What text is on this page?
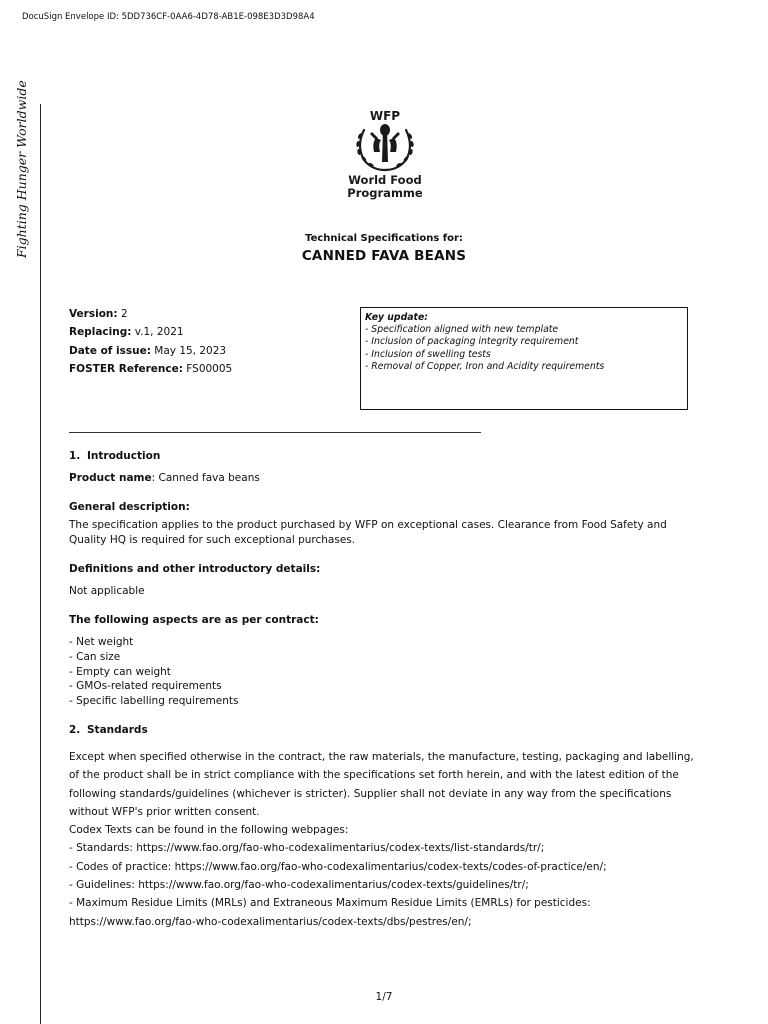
DocuSign Envelope ID: 5DD736CF-0AA6-4D78-AB1E-098E3D3D98A4
Fighting Hunger Worldwide	WFP
World Food
Programme
Technical Specifications for:
CANNED FAVA BEANS
Version: 2
Replacing: v.1, 2021
Date of issue: May 15, 2023
FOSTER Reference: FS00005
Key update:
- Specification aligned with new template
- Inclusion of packaging integrity requirement
- Inclusion of swelling tests
- Removal of Copper, Iron and Acidity requirements
1. Introduction
Product name: Canned fava beans
General description:
The specification applies to the product purchased by WFP on exceptional cases. Clearance from Food Safety and Quality HQ is required for such exceptional purchases.
Definitions and other introductory details:
Not applicable
The following aspects are as per contract:
- Net weight
- Can size
- Empty can weight
- GMOs-related requirements
- Specific labelling requirements
2. Standards
Except when specified otherwise in the contract, the raw materials, the manufacture, testing, packaging and labelling, of the product shall be in strict compliance with the specifications set forth herein, and with the latest edition of the following standards/guidelines (whichever is stricter). Supplier shall not deviate in any way from the specifications without WFP's prior written consent.
Codex Texts can be found in the following webpages:
- Standards: https://www.fao.org/fao-who-codexalimentarius/codex-texts/list-standards/tr/;
- Codes of practice: https://www.fao.org/fao-who-codexalimentarius/codex-texts/codes-of-practice/en/;
- Guidelines: https://www.fao.org/fao-who-codexalimentarius/codex-texts/guidelines/tr/;
- Maximum Residue Limits (MRLs) and Extraneous Maximum Residue Limits (EMRLs) for pesticides:
https://www.fao.org/fao-who-codexalimentarius/codex-texts/dbs/pestres/en/;
1/7
